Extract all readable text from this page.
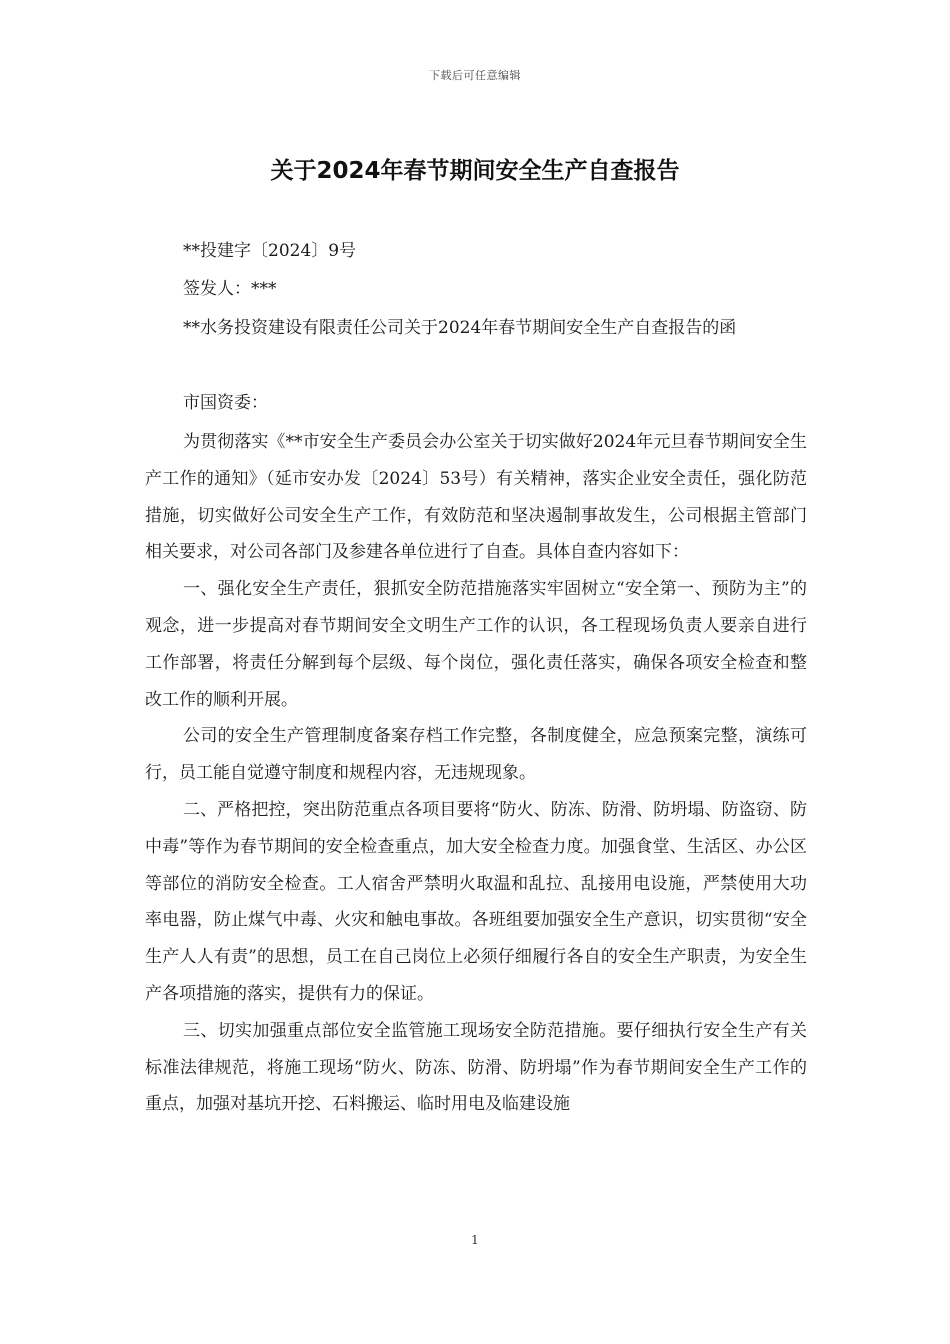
下载后可任意编辑
关于2024年春节期间安全生产自查报告
**投建字〔2024〕9号
签发人：***
**水务投资建设有限责任公司关于2024年春节期间安全生产自查报告的函
市国资委：

为贯彻落实《**市安全生产委员会办公室关于切实做好2024年元旦春节期间安全生产工作的通知》（延市安办发〔2024〕53号）有关精神，落实企业安全责任，强化防范措施，切实做好公司安全生产工作，有效防范和坚决遏制事故发生，公司根据主管部门相关要求，对公司各部门及参建各单位进行了自查。具体自查内容如下：

一、强化安全生产责任，狠抓安全防范措施落实牢固树立“安全第一、预防为主”的观念，进一步提高对春节期间安全文明生产工作的认识，各工程现场负责人要亲自进行工作部署，将责任分解到每个层级、每个岗位，强化责任落实，确保各项安全检查和整改工作的顺利开展。

公司的安全生产管理制度备案存档工作完整，各制度健全，应急预案完整，演练可行，员工能自觉遵守制度和规程内容，无违规现象。

二、严格把控，突出防范重点各项目要将“防火、防冻、防滑、防坍塌、防盗窃、防中毒”等作为春节期间的安全检查重点，加大安全检查力度。加强食堂、生活区、办公区等部位的消防安全检查。工人宿舍严禁明火取温和乱拉、乱接用电设施，严禁使用大功率电器，防止煤气中毒、火灾和触电事故。各班组要加强安全生产意识，切实贯彻“安全生产人人有责”的思想，员工在自己岗位上必须仔细履行各自的安全生产职责，为安全生产各项措施的落实，提供有力的保证。

三、切实加强重点部位安全监管施工现场安全防范措施。要仔细执行安全生产有关标准法律规范，将施工现场“防火、防冻、防滑、防坍塌”作为春节期间安全生产工作的重点，加强对基坑开挖、石料搬运、临时用电及临建设施

1
